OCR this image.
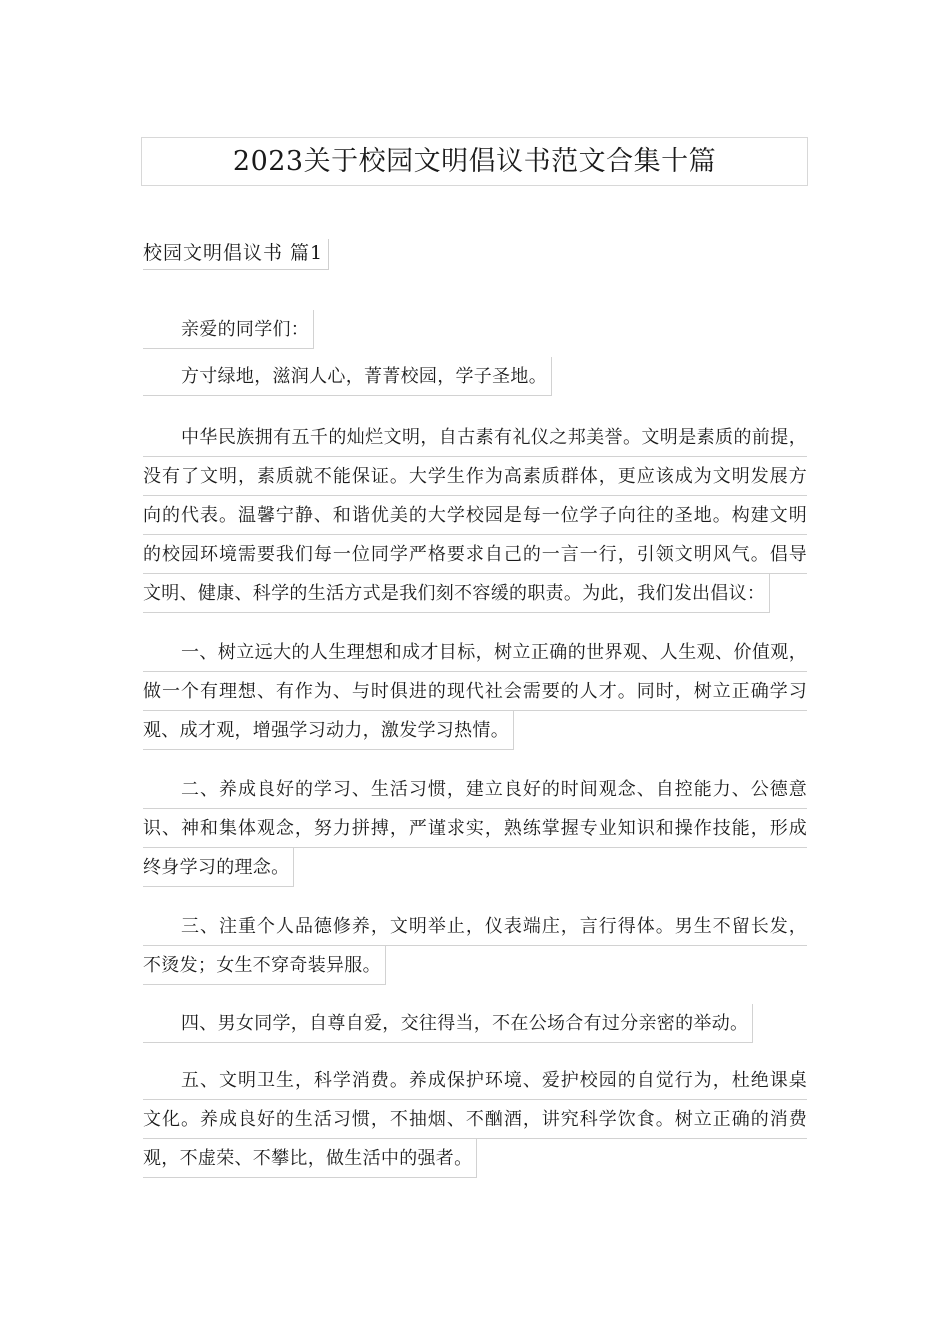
2023关于校园文明倡议书范文合集十篇
校园文明倡议书 篇1
亲爱的同学们：
方寸绿地，滋润人心，菁菁校园，学子圣地。
中华民族拥有五千的灿烂文明，自古素有礼仪之邦美誉。文明是素质的前提，
没有了文明，素质就不能保证。大学生作为高素质群体，更应该成为文明发展方
向的代表。温馨宁静、和谐优美的大学校园是每一位学子向往的圣地。构建文明
的校园环境需要我们每一位同学严格要求自己的一言一行，引领文明风气。倡导
文明、健康、科学的生活方式是我们刻不容缓的职责。为此，我们发出倡议：
一、树立远大的人生理想和成才目标，树立正确的世界观、人生观、价值观，
做一个有理想、有作为、与时俱进的现代社会需要的人才。同时，树立正确学习
观、成才观，增强学习动力，激发学习热情。
二、养成良好的学习、生活习惯，建立良好的时间观念、自控能力、公德意
识、神和集体观念，努力拼搏，严谨求实，熟练掌握专业知识和操作技能，形成
终身学习的理念。
三、注重个人品德修养，文明举止，仪表端庄，言行得体。男生不留长发，
不烫发；女生不穿奇装异服。
四、男女同学，自尊自爱，交往得当，不在公场合有过分亲密的举动。
五、文明卫生，科学消费。养成保护环境、爱护校园的自觉行为，杜绝课桌
文化。养成良好的生活习惯，不抽烟、不酗酒，讲究科学饮食。树立正确的消费
观，不虚荣、不攀比，做生活中的强者。
